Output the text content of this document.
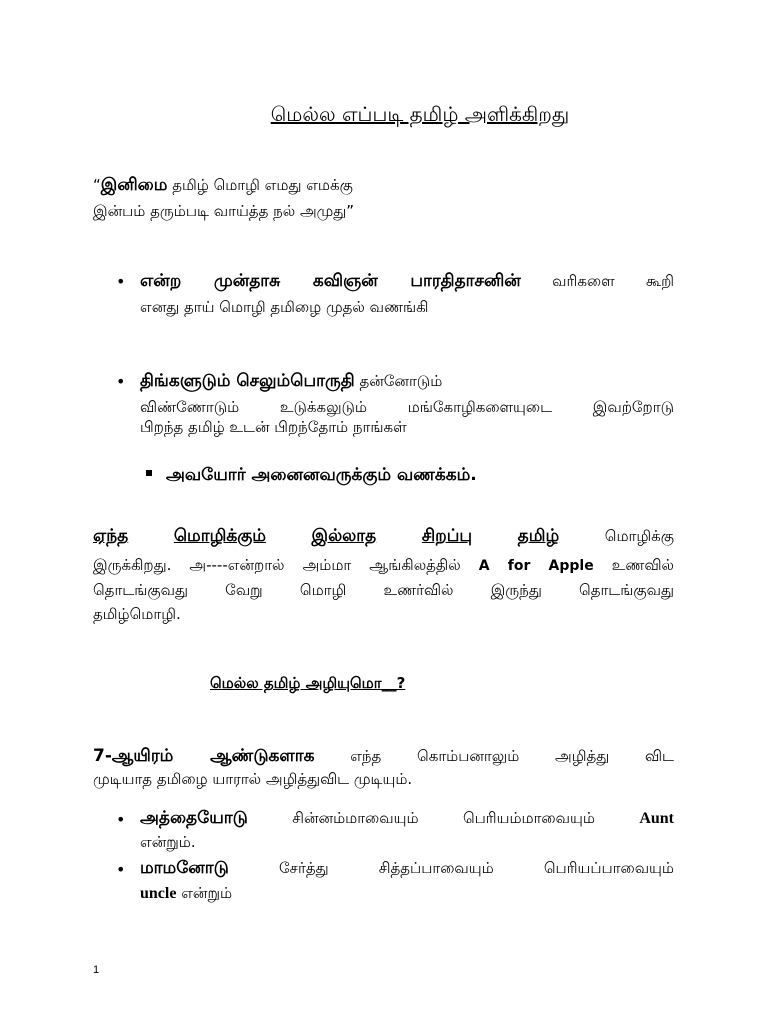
மெல்ல எப்படி தமிழ் அளிக்கிறது
“இனிமை தமிழ் மொழி எமது எமக்கு
இன்பம் தரும்படி வாய்த்த நல் அமுது”
• என்ற முன்தாசு கவிஞன் பாரதிதாசனின் வரிகளை கூறி
எனது தாய் மொழி தமிழை முதல் வணங்கி
• திங்களுடும் செலும்பொருதி தன்னோடும்
விண்ணோடும் உடுக்கலுடும் மங்கோழிகளையுடை இவற்றோடு
பிறந்த தமிழ் உடன் பிறந்தோம் நாங்கள்
அவயோர் அனைனவருக்கும் வணக்கம்.
ஏந்த	மொழிக்கும்	இல்லாத	சிறப்பு	தமிழ்	மொழிக்கு
இருக்கிறது. அ----என்றால் அம்மா ஆங்கிலத்தில் A for Apple உணவில்
தொடங்குவது வேறு மொழி உணர்வில் இருந்து தொடங்குவது
தமிழ்மொழி.
மெல்ல தமிழ் அழியுமொ__?
7-ஆயிரம் ஆண்டுகளாக எந்த கொம்பனாலும் அழித்து விட
முடியாத தமிழை யாரால் அழித்துவிட முடியும்.
• அத்தையோடு சின்னம்மாவையும் பெரியம்மாவையும் Aunt
என்றும்.
• மாமனோடு சேர்த்து சித்தப்பாவையும் பெரியப்பாவையும்
uncle என்றும்
1
